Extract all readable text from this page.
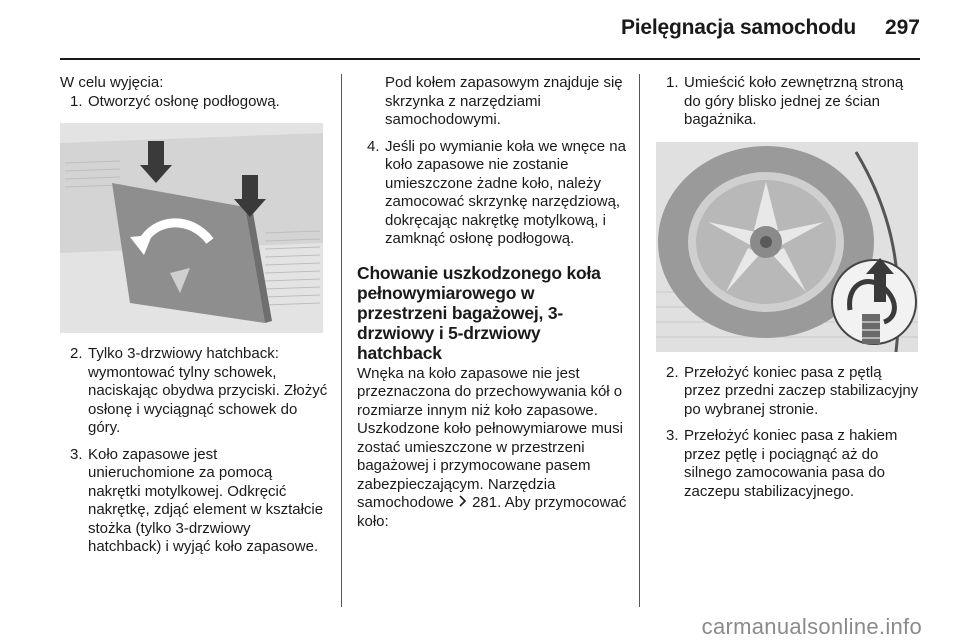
Pielęgnacja samochodu 297

W celu wyjęcia:

1. Otworzyć osłonę podłogową.
2. Tylko 3-drzwiowy hatchback: wymontować tylny schowek, naciskając obydwa przyciski. Złożyć osłonę i wyciągnąć schowek do góry.
3. Koło zapasowe jest unieruchomione za pomocą nakrętki motylkowej. Odkręcić nakrętkę, zdjąć element w kształcie stożka (tylko 3-drzwiowy hatchback) i wyjąć koło zapasowe.

Pod kołem zapasowym znajduje się skrzynka z narzędziami samochodowymi.

4. Jeśli po wymianie koła we wnęce na koło zapasowe nie zostanie umieszczone żadne koło, należy zamocować skrzynkę narzędziową, dokręcając nakrętkę motylkową, i zamknąć osłonę podłogową.
Chowanie uszkodzonego koła pełnowymiarowego w przestrzeni bagażowej, 3-drzwiowy i 5-drzwiowy hatchback

Wnęka na koło zapasowe nie jest przeznaczona do przechowywania kół o rozmiarze innym niż koło zapasowe. Uszkodzone koło pełnowymiarowe musi zostać umieszczone w przestrzeni bagażowej i przymocowane pasem zabezpieczającym. Narzędzia samochodowe 281. Aby przymocować koło:

1. Umieścić koło zewnętrzną stroną do góry blisko jednej ze ścian bagażnika.
2. Przełożyć koniec pasa z pętlą przez przedni zaczep stabilizacyjny po wybranej stronie.
3. Przełożyć koniec pasa z hakiem przez pętlę i pociągnąć aż do silnego zamocowania pasa do zaczepu stabilizacyjnego.
carmanualsonline.info
